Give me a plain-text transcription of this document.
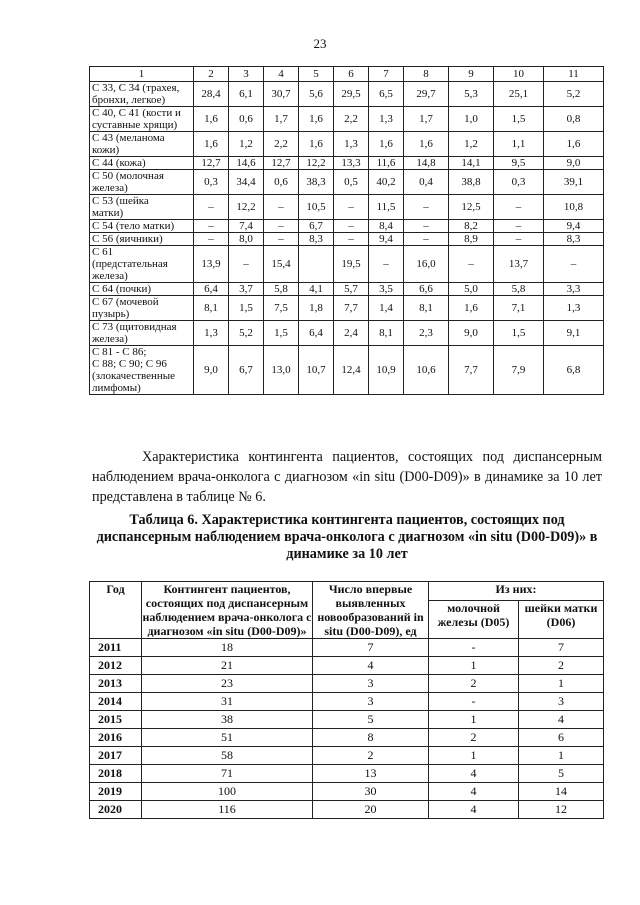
23
1	2	3	4	5	6	7	8	9	10	11
С 33, С 34 (трахея,
бронхи, легкое)	28,4	6,1	30,7	5,6	29,5	6,5	29,7	5,3	25,1	5,2
С 40, С 41 (кости и
суставные хрящи)	1,6	0,6	1,7	1,6	2,2	1,3	1,7	1,0	1,5	0,8
С 43 (меланома
кожи)	1,6	1,2	2,2	1,6	1,3	1,6	1,6	1,2	1,1	1,6
С 44 (кожа)	12,7	14,6	12,7	12,2	13,3	11,6	14,8	14,1	9,5	9,0
С 50 (молочная
железа)	0,3	34,4	0,6	38,3	0,5	40,2	0,4	38,8	0,3	39,1
С 53 (шейка
матки)	–	12,2	–	10,5	–	11,5	–	12,5	–	10,8
С 54 (тело матки)	–	7,4	–	6,7	–	8,4	–	8,2	–	9,4
С 56 (яичники)	–	8,0	–	8,3	–	9,4	–	8,9	–	8,3
С 61
(предстательная
железа)	13,9	–	15,4		19,5	–	16,0	–	13,7	–
С 64 (почки)	6,4	3,7	5,8	4,1	5,7	3,5	6,6	5,0	5,8	3,3
С 67 (мочевой
пузырь)	8,1	1,5	7,5	1,8	7,7	1,4	8,1	1,6	7,1	1,3
С 73 (щитовидная
железа)	1,3	5,2	1,5	6,4	2,4	8,1	2,3	9,0	1,5	9,1
С 81 - С 86;
С 88; С 90; С 96
(злокачественные
лимфомы)	9,0	6,7	13,0	10,7	12,4	10,9	10,6	7,7	7,9	6,8

Характеристика контингента пациентов, состоящих под диспансерным наблюдением врача-онколога с диагнозом «in situ (D00-D09)» в динамике за 10 лет представлена в таблице № 6.

Таблица 6. Характеристика контингента пациентов, состоящих под диспансерным наблюдением врача-онколога с диагнозом «in situ (D00-D09)» в динамике за 10 лет
Год	Контингент пациентов, состоящих под диспансерным наблюдением врача-онколога с диагнозом «in situ (D00-D09)»	Число впервые выявленных новообразований in situ (D00-D09), ед	Из них:	
			молочной железы (D05)	шейки матки (D06)
2011	18	7	-	7
2012	21	4	1	2
2013	23	3	2	1
2014	31	3	-	3
2015	38	5	1	4
2016	51	8	2	6
2017	58	2	1	1
2018	71	13	4	5
2019	100	30	4	14
2020	116	20	4	12
